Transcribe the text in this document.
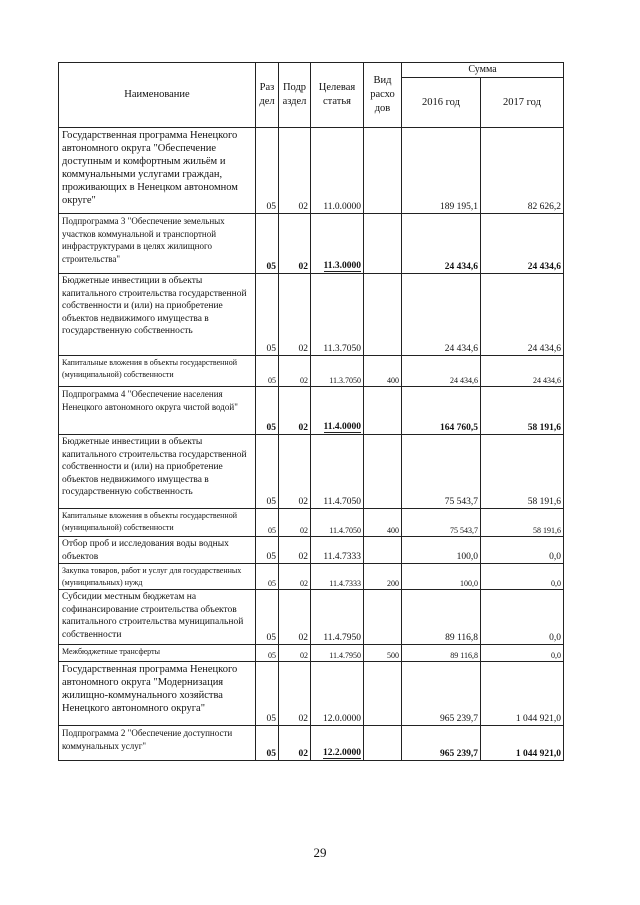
Наименование	Раз дел	Подр аздел	Целевая статья	Вид расхо дов	Сумма	
					2016 год	2017 год
Государственная программа Ненецкого автономного округа "Обеспечение доступным и комфортным жильём и коммунальными услугами граждан, проживающих в Ненецком автономном округе"	05	02	11.0.0000		189 195,1	82 626,2
Подпрограмма 3 "Обеспечение земельных участков коммунальной и транспортной инфраструктурами в целях жилищного строительства"	05	02	11.3.0000		24 434,6	24 434,6
Бюджетные инвестиции в объекты капитального строительства государственной собственности и (или) на приобретение объектов недвижимого имущества в государственную собственность	05	02	11.3.7050		24 434,6	24 434,6
Капитальные вложения в объекты государственной (муниципальной) собственности	05	02	11.3.7050	400	24 434,6	24 434,6
Подпрограмма 4 "Обеспечение населения Ненецкого автономного округа чистой водой"	05	02	11.4.0000		164 760,5	58 191,6
Бюджетные инвестиции в объекты капитального строительства государственной собственности и (или) на приобретение объектов недвижимого имущества в государственную собственность	05	02	11.4.7050		75 543,7	58 191,6
Капитальные вложения в объекты государственной (муниципальной) собственности	05	02	11.4.7050	400	75 543,7	58 191,6
Отбор проб и исследования воды водных объектов	05	02	11.4.7333		100,0	0,0
Закупка товаров, работ и услуг для государственных (муниципальных) нужд	05	02	11.4.7333	200	100,0	0,0
Субсидии местным бюджетам на софинансирование строительства объектов капитального строительства муниципальной собственности	05	02	11.4.7950		89 116,8	0,0
Межбюджетные трансферты	05	02	11.4.7950	500	89 116,8	0,0
Государственная программа Ненецкого автономного округа "Модернизация жилищно-коммунального хозяйства Ненецкого автономного округа"	05	02	12.0.0000		965 239,7	1 044 921,0
Подпрограмма 2 "Обеспечение доступности коммунальных услуг"	05	02	12.2.0000		965 239,7	1 044 921,0
29
